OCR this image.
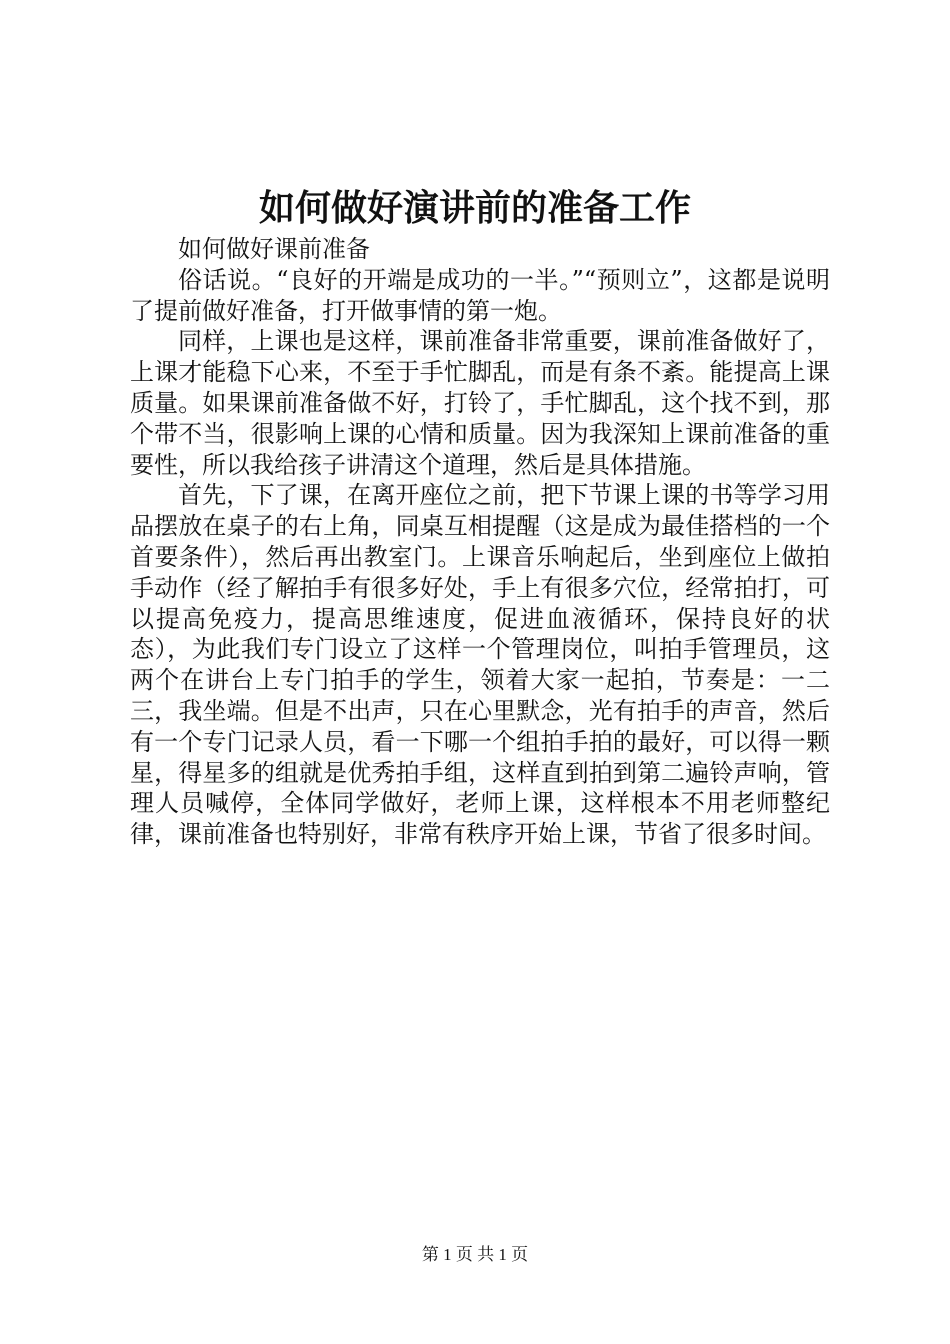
如何做好演讲前的准备工作

如何做好课前准备

俗话说。“良好的开端是成功的一半。”“预则立”，这都是说明了提前做好准备，打开做事情的第一炮。

同样，上课也是这样，课前准备非常重要，课前准备做好了，上课才能稳下心来，不至于手忙脚乱，而是有条不紊。能提高上课质量。如果课前准备做不好，打铃了，手忙脚乱，这个找不到，那个带不当，很影响上课的心情和质量。因为我深知上课前准备的重要性，所以我给孩子讲清这个道理，然后是具体措施。

首先，下了课，在离开座位之前，把下节课上课的书等学习用品摆放在桌子的右上角，同桌互相提醒（这是成为最佳搭档的一个首要条件），然后再出教室门。上课音乐响起后，坐到座位上做拍手动作（经了解拍手有很多好处，手上有很多穴位，经常拍打，可以提高免疫力，提高思维速度，促进血液循环，保持良好的状态），为此我们专门设立了这样一个管理岗位，叫拍手管理员，这两个在讲台上专门拍手的学生，领着大家一起拍，节奏是：一二三，我坐端。但是不出声，只在心里默念，光有拍手的声音，然后有一个专门记录人员，看一下哪一个组拍手拍的最好，可以得一颗星，得星多的组就是优秀拍手组，这样直到拍到第二遍铃声响，管理人员喊停，全体同学做好，老师上课，这样根本不用老师整纪律，课前准备也特别好，非常有秩序开始上课，节省了很多时间。

第 1 页 共 1 页
